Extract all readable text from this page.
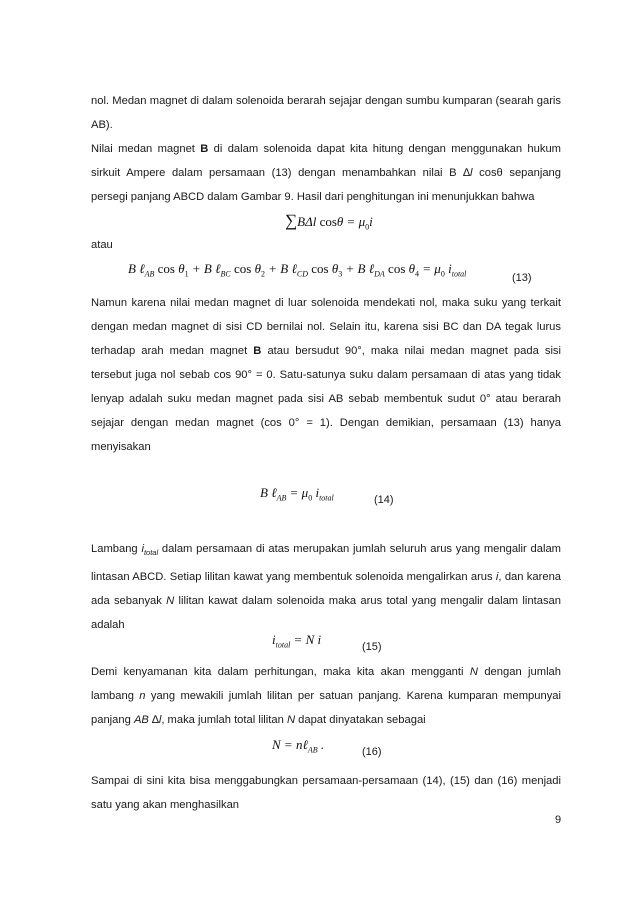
nol. Medan magnet di dalam solenoida berarah sejajar dengan sumbu kumparan (searah garis AB).

Nilai medan magnet B di dalam solenoida dapat kita hitung dengan menggunakan hukum sirkuit Ampere dalam persamaan (13) dengan menambahkan nilai B ∆l cosθ sepanjang persegi panjang ABCD dalam Gambar 9. Hasil dari penghitungan ini menunjukkan bahwa

∑BΔl $\cos\theta = \mu_0i$

atau

B ℓ$_{AB}$ $\cos \theta_1 + B$ ℓ$_{BC}$ $\cos \theta_2 + B$ ℓ$_{CD}$ $\cos \theta_3 + B$ ℓ$_{DA}$ $\cos \theta_4 = \mu_0$ $i_{total}$	(13)

Namun karena nilai medan magnet di luar solenoida mendekati nol, maka suku yang terkait dengan medan magnet di sisi CD bernilai nol. Selain itu, karena sisi BC dan DA tegak lurus terhadap arah medan magnet B atau bersudut 90°, maka nilai medan magnet pada sisi tersebut juga nol sebab cos 90° = 0. Satu-satunya suku dalam persamaan di atas yang tidak lenyap adalah suku medan magnet pada sisi AB sebab membentuk sudut 0° atau berarah sejajar dengan medan magnet (cos 0° = 1). Dengan demikian, persamaan (13) hanya menyisakan

B ℓ$_{AB}$ = $\mu_0$ $i_{total}$	(14)

Lambang $i_{total}$ dalam persamaan di atas merupakan jumlah seluruh arus yang mengalir dalam lintasan ABCD. Setiap lilitan kawat yang membentuk solenoida mengalirkan arus i, dan karena ada sebanyak N lilitan kawat dalam solenoida maka arus total yang mengalir dalam lintasan adalah

$i_{total} = N$ i	(15)

Demi kenyamanan kita dalam perhitungan, maka kita akan mengganti N dengan jumlah lambang n yang mewakili jumlah lilitan per satuan panjang. Karena kumparan mempunyai panjang AB ∆l, maka jumlah total lilitan N dapat dinyatakan sebagai

N = nℓ$_{AB}$ .	(16)

Sampai di sini kita bisa menggabungkan persamaan-persamaan (14), (15) dan (16) menjadi satu yang akan menghasilkan

9
